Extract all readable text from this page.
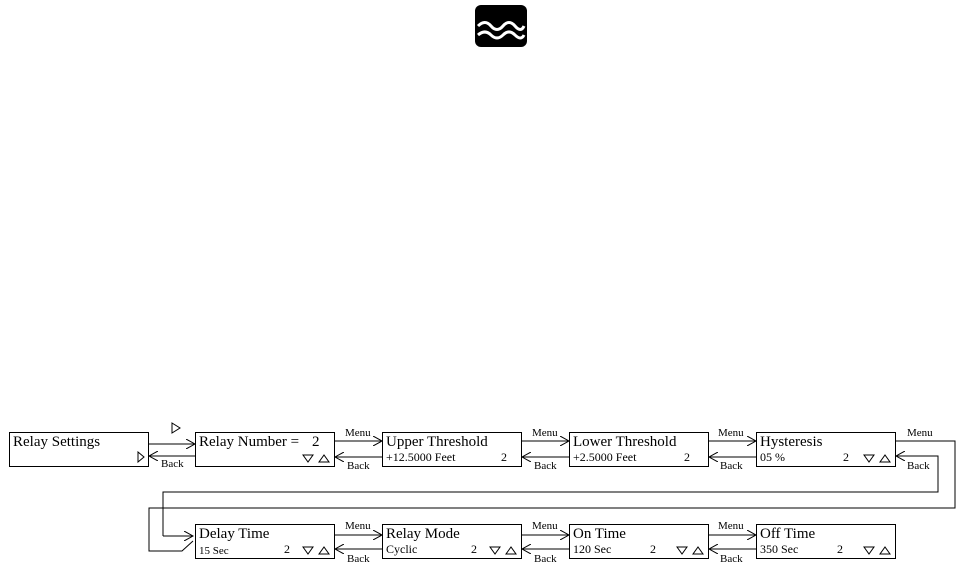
Relay Settings	Relay Number = 2	Upper Threshold
+12.5000 Feet	2
Lower Threshold
+2.5000 Feet	2
Hysteresis
05 %	2
Delay Time
15 Sec	2
Relay Mode
Cyclic	2
On Time
120 Sec	2
Off Time
350 Sec	2
Back
Menu
Back
Menu
Back
Menu
Back
Menu
Back
Menu
Back
Menu
Back
Menu
Back
